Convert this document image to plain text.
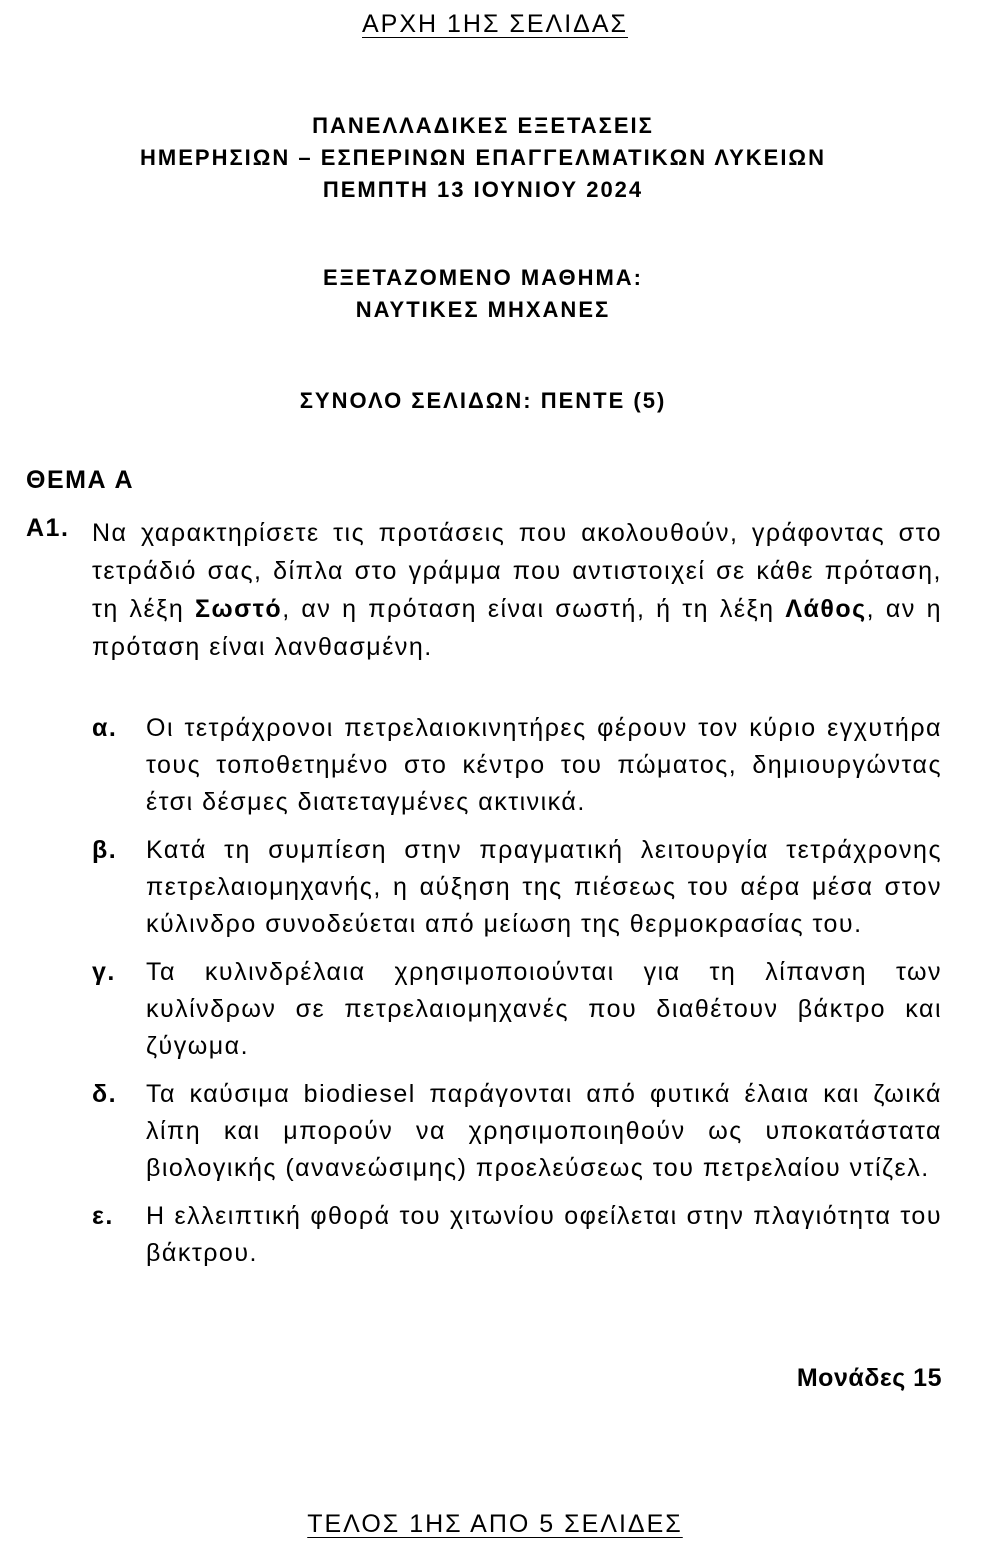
ΑΡΧΗ 1ΗΣ ΣΕΛΙΔΑΣ
ΠΑΝΕΛΛΑΔΙΚΕΣ ΕΞΕΤΑΣΕΙΣ
ΗΜΕΡΗΣΙΩΝ – ΕΣΠΕΡΙΝΩΝ ΕΠΑΓΓΕΛΜΑΤΙΚΩΝ ΛΥΚΕΙΩΝ
ΠΕΜΠΤΗ 13 ΙΟΥΝΙΟΥ 2024
ΕΞΕΤΑΖΟΜΕΝΟ ΜΑΘΗΜΑ:
ΝΑΥΤΙΚΕΣ ΜΗΧΑΝΕΣ
ΣΥΝΟΛΟ ΣΕΛΙΔΩΝ: ΠΕΝΤΕ (5)
ΘΕΜΑ Α
Α1. Να χαρακτηρίσετε τις προτάσεις που ακολουθούν, γράφοντας στο τετράδιό σας, δίπλα στο γράμμα που αντιστοιχεί σε κάθε πρόταση, τη λέξη Σωστό, αν η πρόταση είναι σωστή, ή τη λέξη Λάθος, αν η πρόταση είναι λανθασμένη.
α. Οι τετράχρονοι πετρελαιοκινητήρες φέρουν τον κύριο εγχυτήρα τους τοποθετημένο στο κέντρο του πώματος, δημιουργώντας έτσι δέσμες διατεταγμένες ακτινικά.
β. Κατά τη συμπίεση στην πραγματική λειτουργία τετράχρονης πετρελαιομηχανής, η αύξηση της πιέσεως του αέρα μέσα στον κύλινδρο συνοδεύεται από μείωση της θερμοκρασίας του.
γ. Τα κυλινδρέλαια χρησιμοποιούνται για τη λίπανση των κυλίνδρων σε πετρελαιομηχανές που διαθέτουν βάκτρο και ζύγωμα.
δ. Τα καύσιμα biodiesel παράγονται από φυτικά έλαια και ζωικά λίπη και μπορούν να χρησιμοποιηθούν ως υποκατάστατα βιολογικής (ανανεώσιμης) προελεύσεως του πετρελαίου ντίζελ.
ε. Η ελλειπτική φθορά του χιτωνίου οφείλεται στην πλαγιότητα του βάκτρου.
Μονάδες 15
ΤΕΛΟΣ 1ΗΣ ΑΠΟ 5 ΣΕΛΙΔΕΣ
